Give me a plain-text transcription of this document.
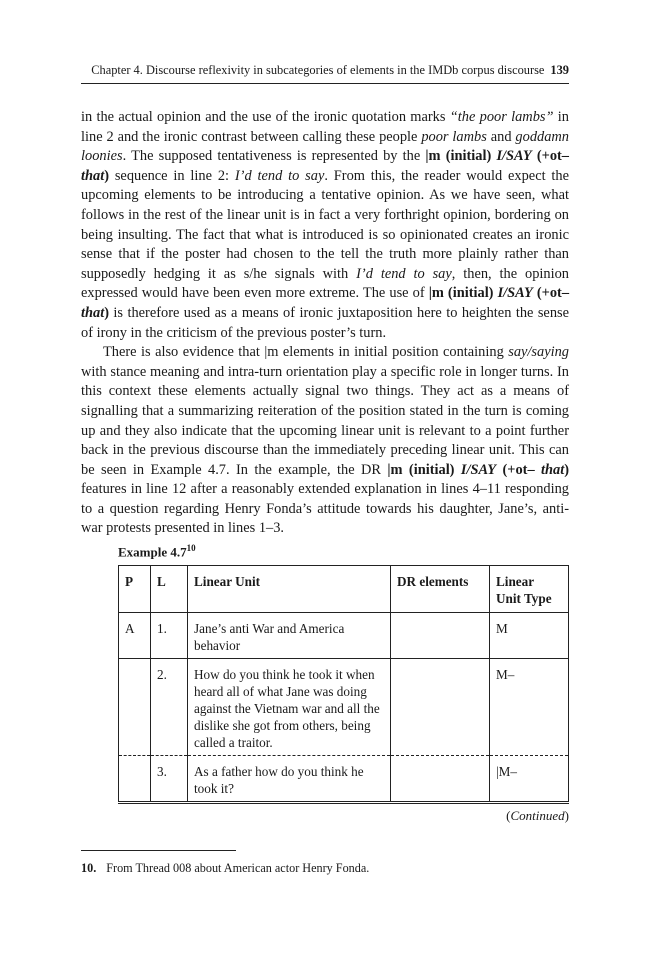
Chapter 4. Discourse reflexivity in subcategories of elements in the IMDb corpus discourse 139

in the actual opinion and the use of the ironic quotation marks “the poor lambs” in line 2 and the ironic contrast between calling these people poor lambs and goddamn loonies. The supposed tentativeness is represented by the |m (initial) I/SAY (+ot– that) sequence in line 2: I’d tend to say. From this, the reader would expect the upcoming elements to be introducing a tentative opinion. As we have seen, what follows in the rest of the linear unit is in fact a very forthright opinion, bordering on being insulting. The fact that what is introduced is so opinionated creates an ironic sense that if the poster had chosen to the tell the truth more plainly rather than supposedly hedging it as s/he signals with I’d tend to say, then, the opinion expressed would have been even more extreme. The use of |m (initial) I/SAY (+ot– that) is therefore used as a means of ironic juxtaposition here to heighten the sense of irony in the criticism of the previous poster’s turn.

There is also evidence that |m elements in initial position containing say/saying with stance meaning and intra-turn orientation play a specific role in longer turns. In this context these elements actually signal two things. They act as a means of signalling that a summarizing reiteration of the position stated in the turn is coming up and they also indicate that the upcoming linear unit is relevant to a point further back in the previous discourse than the immediately preceding linear unit. This can be seen in Example 4.7. In the example, the DR |m (initial) I/SAY (+ot– that) features in line 12 after a reasonably extended explanation in lines 4–11 responding to a question regarding Henry Fonda’s attitude towards his daughter, Jane’s, anti-war protests presented in lines 1–3.

Example $4.7^{10}$
P	L	Linear Unit	DR elements	Linear Unit Type
A	1.	Jane’s anti War and America behavior		M
	2.	How do you think he took it when heard all of what Jane was doing against the Vietnam war and all the dislike she got from others, being called a traitor.		M–
	3.	As a father how do you think he took it?		|M–
(Continued)
10. From Thread 008 about American actor Henry Fonda.
